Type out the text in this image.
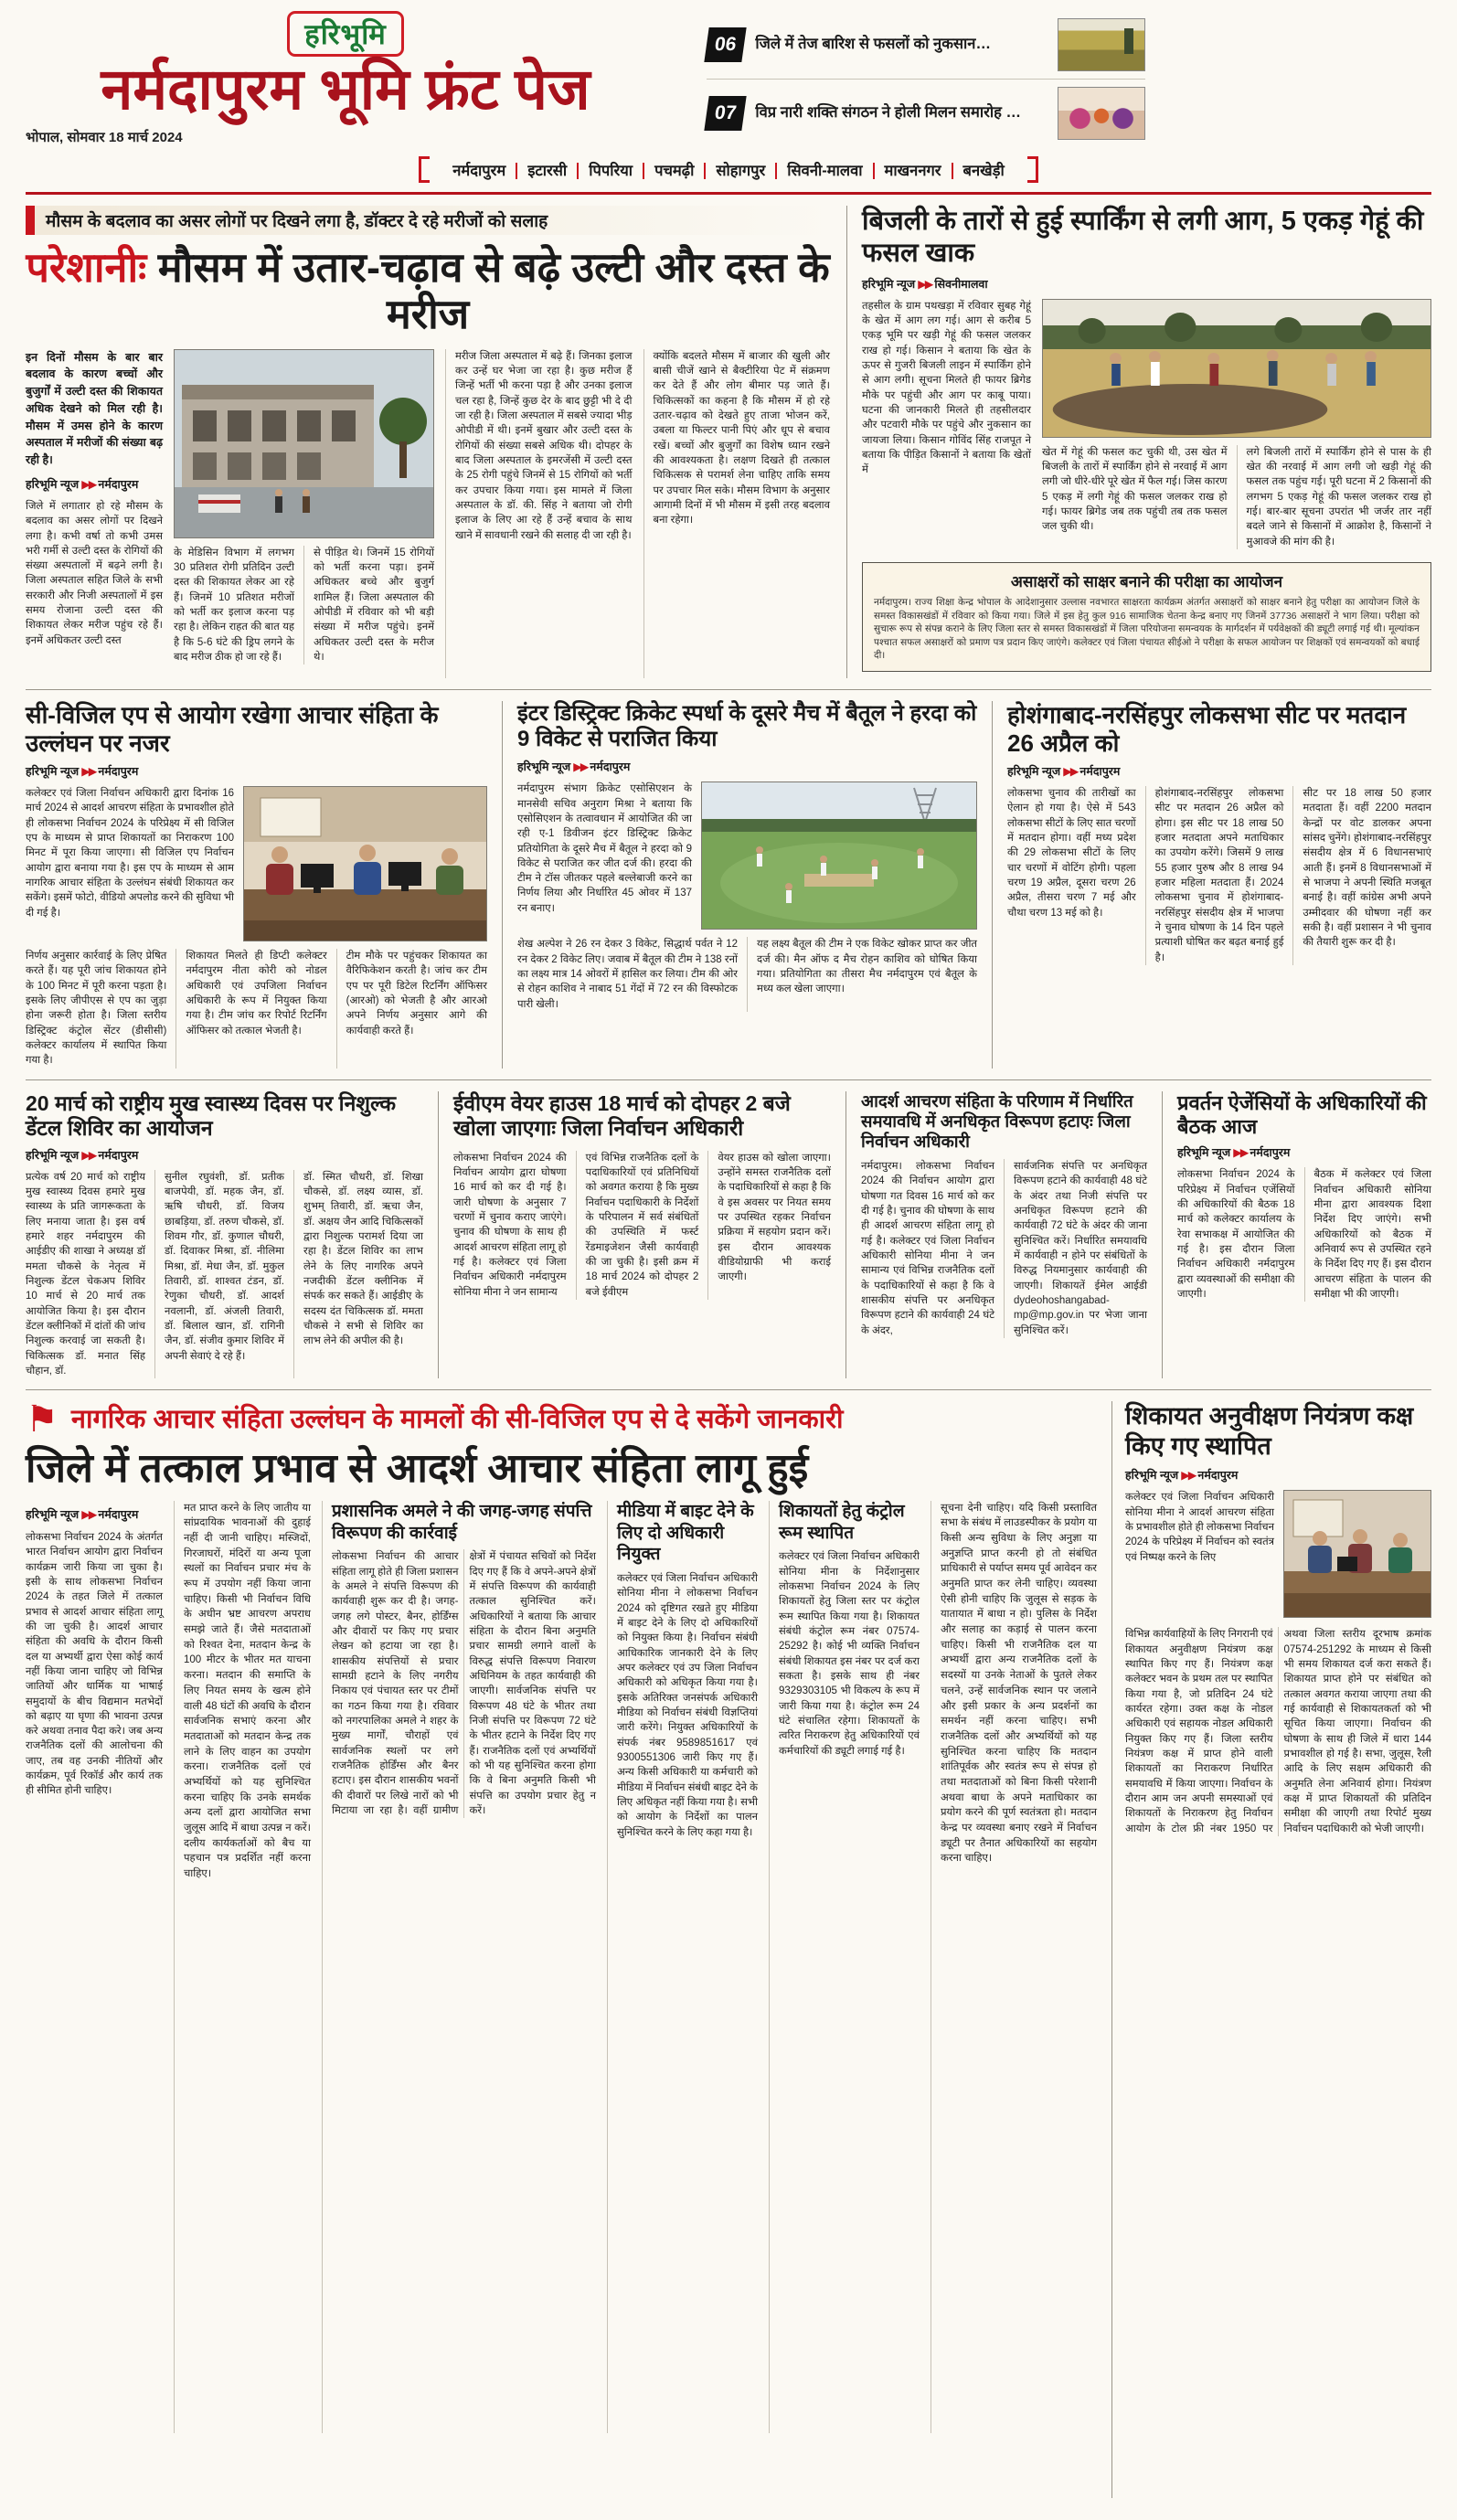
हरिभूमि
नर्मदापुरम भूमि फ्रंट पेज
भोपाल, सोमवार 18 मार्च 2024
06	जिले में तेज बारिश से फसलों को नुकसान…
07	विप्र नारी शक्ति संगठन ने होली मिलन समारोह …
नर्मदापुरम इटारसी पिपरिया पचमढ़ी सोहागपुर सिवनी-मालवा माखननगर बनखेड़ी
मौसम के बदलाव का असर लोगों पर दिखने लगा है, डॉक्टर दे रहे मरीजों को सलाह
परेशानीः मौसम में उतार-चढ़ाव से बढ़े उल्टी और दस्त के मरीज

इन दिनों मौसम के बार बार बदलाव के कारण बच्चों और बुजुर्गों में उल्टी दस्त की शिकायत अधिक देखने को मिल रही है। मौसम में उमस होने के कारण अस्पताल में मरीजों की संख्या बढ़ रही है।

हरिभूमि न्यूज ▶▶ नर्मदापुरम
जिले में लगातार हो रहे मौसम के बदलाव का असर लोगों पर दिखने लगा है। कभी वर्षा तो कभी उमस भरी गर्मी से उल्टी दस्त के रोगियों की संख्या अस्पतालों में बढ़ने लगी है। जिला अस्पताल सहित जिले के सभी सरकारी और निजी अस्पतालों में इस समय रोजाना उल्टी दस्त की शिकायत लेकर मरीज पहुंच रहे हैं। इनमें अधिकतर उल्टी दस्त
के मेडिसिन विभाग में लगभग 30 प्रतिशत रोगी प्रतिदिन उल्टी दस्त की शिकायत लेकर आ रहे हैं। जिनमें 10 प्रतिशत मरीजों को भर्ती कर इलाज करना पड़ रहा है। लेकिन राहत की बात यह है कि 5-6 घंटे की ड्रिप लगने के बाद मरीज ठीक हो जा रहे हैं।
से पीड़ित थे। जिनमें 15 रोगियों को भर्ती करना पड़ा। इनमें अधिकतर बच्चे और बुजुर्ग शामिल हैं। जिला अस्पताल की ओपीडी में रविवार को भी बड़ी संख्या में मरीज पहुंचे। इनमें अधिकतर उल्टी दस्त के मरीज थे।
मरीज जिला अस्पताल में बढ़े हैं। जिनका इलाज कर उन्हें घर भेजा जा रहा है। कुछ मरीज हैं जिन्हें भर्ती भी करना पड़ा है और उनका इलाज चल रहा है, जिन्हें कुछ देर के बाद छुट्टी भी दे दी जा रही है। जिला अस्पताल में सबसे ज्यादा भीड़ ओपीडी में थी। इनमें बुखार और उल्टी दस्त के रोगियों की संख्या सबसे अधिक थी। दोपहर के बाद जिला अस्पताल के इमरजेंसी में उल्टी दस्त के 25 रोगी पहुंचे जिनमें से 15 रोगियों को भर्ती कर उपचार किया गया। इस मामले में जिला अस्पताल के डॉ. की. सिंह ने बताया जो रोगी इलाज के लिए आ रहे हैं उन्हें बचाव के साथ खाने में सावधानी रखने की सलाह दी जा रही है।
क्योंकि बदलते मौसम में बाजार की खुली और बासी चीजें खाने से बैक्टीरिया पेट में संक्रमण कर देते हैं और लोग बीमार पड़ जाते हैं। चिकित्सकों का कहना है कि मौसम में हो रहे उतार-चढ़ाव को देखते हुए ताजा भोजन करें, उबला या फिल्टर पानी पिएं और धूप से बचाव रखें। बच्चों और बुजुर्गों का विशेष ध्यान रखने की आवश्यकता है। लक्षण दिखते ही तत्काल चिकित्सक से परामर्श लेना चाहिए ताकि समय पर उपचार मिल सके। मौसम विभाग के अनुसार आगामी दिनों में भी मौसम में इसी तरह बदलाव बना रहेगा।
बिजली के तारों से हुई स्पार्किंग से लगी आग, 5 एकड़ गेहूं की फसल खाक
हरिभूमि न्यूज ▶▶ सिवनीमालवा
तहसील के ग्राम पथखड़ा में रविवार सुबह गेहूं के खेत में आग लग गई। आग से करीब 5 एकड़ भूमि पर खड़ी गेहूं की फसल जलकर राख हो गई। किसान ने बताया कि खेत के ऊपर से गुजरी बिजली लाइन में स्पार्किंग होने से आग लगी। सूचना मिलते ही फायर ब्रिगेड मौके पर पहुंची और आग पर काबू पाया। घटना की जानकारी मिलते ही तहसीलदार और पटवारी मौके पर पहुंचे और नुकसान का जायजा लिया। किसान गोविंद सिंह राजपूत ने बताया कि पीड़ित किसानों ने बताया कि खेतों में
खेत में गेहूं की फसल कट चुकी थी, उस खेत में बिजली के तारों में स्पार्किंग होने से नरवाई में आग लगी जो धीरे-धीरे पूरे खेत में फैल गई। जिस कारण 5 एकड़ में लगी गेहूं की फसल जलकर राख हो गई। फायर ब्रिगेड जब तक पहुंची तब तक फसल जल चुकी थी।
लगे बिजली तारों में स्पार्किंग होने से पास के ही खेत की नरवाई में आग लगी जो खड़ी गेहूं की फसल तक पहुंच गई। पूरी घटना में 2 किसानों की लगभग 5 एकड़ गेहूं की फसल जलकर राख हो गई। बार-बार सूचना उपरांत भी जर्जर तार नहीं बदले जाने से किसानों में आक्रोश है, किसानों ने मुआवजे की मांग की है।
असाक्षरों को साक्षर बनाने की परीक्षा का आयोजन
नर्मदापुरम। राज्य शिक्षा केन्द्र भोपाल के आदेशानुसार उल्लास नवभारत साक्षरता कार्यक्रम अंतर्गत असाक्षरों को साक्षर बनाने हेतु परीक्षा का आयोजन जिले के समस्त विकासखंडों में रविवार को किया गया। जिले में इस हेतु कुल 916 सामाजिक चेतना केन्द्र बनाए गए जिनमें 37736 असाक्षरों ने भाग लिया। परीक्षा को सुचारू रूप से संपन्न कराने के लिए जिला स्तर से समस्त विकासखंडों में जिला परियोजना समन्वयक के मार्गदर्शन में पर्यवेक्षकों की ड्यूटी लगाई गई थी। मूल्यांकन पश्चात सफल असाक्षरों को प्रमाण पत्र प्रदान किए जाएंगे। कलेक्टर एवं जिला पंचायत सीईओ ने परीक्षा के सफल आयोजन पर शिक्षकों एवं समन्वयकों को बधाई दी।
सी-विजिल एप से आयोग रखेगा आचार संहिता के उल्लंघन पर नजर
हरिभूमि न्यूज ▶▶ नर्मदापुरम
कलेक्टर एवं जिला निर्वाचन अधिकारी द्वारा दिनांक 16 मार्च 2024 से आदर्श आचरण संहिता के प्रभावशील होते ही लोकसभा निर्वाचन 2024 के परिप्रेक्ष्य में सी विजिल एप के माध्यम से प्राप्त शिकायतों का निराकरण 100 मिनट में पूरा किया जाएगा। सी विजिल एप निर्वाचन आयोग द्वारा बनाया गया है। इस एप के माध्यम से आम नागरिक आचार संहिता के उल्लंघन संबंधी शिकायत कर सकेंगे। इसमें फोटो, वीडियो अपलोड करने की सुविधा भी दी गई है।
निर्णय अनुसार कार्रवाई के लिए प्रेषित करते हैं। यह पूरी जांच शिकायत होने के 100 मिनट में पूरी करना पड़ता है। इसके लिए जीपीएस से एप का जुड़ा होना जरूरी होता है। जिला स्तरीय डिस्ट्रिक्ट कंट्रोल सेंटर (डीसीसी) कलेक्टर कार्यालय में स्थापित किया गया है।
शिकायत मिलते ही डिप्टी कलेक्टर नर्मदापुरम नीता कोरी को नोडल अधिकारी एवं उपजिला निर्वाचन अधिकारी के रूप में नियुक्त किया गया है। टीम जांच कर रिपोर्ट रिटर्निंग ऑफिसर को तत्काल भेजती है।
टीम मौके पर पहुंचकर शिकायत का वैरिफिकेशन करती है। जांच कर टीम एप पर पूरी डिटेल रिटर्निंग ऑफिसर (आरओ) को भेजती है और आरओ अपने निर्णय अनुसार आगे की कार्यवाही करते हैं।
इंटर डिस्ट्रिक्ट क्रिकेट स्पर्धा के दूसरे मैच में बैतूल ने हरदा को 9 विकेट से पराजित किया
हरिभूमि न्यूज ▶▶ नर्मदापुरम
नर्मदापुरम संभाग क्रिकेट एसोसिएशन के मानसेवी सचिव अनुराग मिश्रा ने बताया कि एसोसिएशन के तत्वावधान में आयोजित की जा रही ए-1 डिवीजन इंटर डिस्ट्रिक्ट क्रिकेट प्रतियोगिता के दूसरे मैच में बैतूल ने हरदा को 9 विकेट से पराजित कर जीत दर्ज की। हरदा की टीम ने टॉस जीतकर पहले बल्लेबाजी करने का निर्णय लिया और निर्धारित 45 ओवर में 137 रन बनाए।
शेख अल्पेश ने 26 रन देकर 3 विकेट, सिद्धार्थ पर्वत ने 12 रन देकर 2 विकेट लिए। जवाब में बैतूल की टीम ने 138 रनों का लक्ष्य मात्र 14 ओवरों में हासिल कर लिया। टीम की ओर से रोहन काशिव ने नाबाद 51 गेंदों में 72 रन की विस्फोटक पारी खेली।
यह लक्ष्य बैतूल की टीम ने एक विकेट खोकर प्राप्त कर जीत दर्ज की। मैन ऑफ द मैच रोहन काशिव को घोषित किया गया। प्रतियोगिता का तीसरा मैच नर्मदापुरम एवं बैतूल के मध्य कल खेला जाएगा।
होशंगाबाद-नरसिंहपुर लोकसभा सीट पर मतदान 26 अप्रैल को
हरिभूमि न्यूज ▶▶ नर्मदापुरम
लोकसभा चुनाव की तारीखों का ऐलान हो गया है। ऐसे में 543 लोकसभा सीटों के लिए सात चरणों में मतदान होगा। वहीं मध्य प्रदेश की 29 लोकसभा सीटों के लिए चार चरणों में वोटिंग होगी। पहला चरण 19 अप्रैल, दूसरा चरण 26 अप्रैल, तीसरा चरण 7 मई और चौथा चरण 13 मई को है।
होशंगाबाद-नरसिंहपुर लोकसभा सीट पर मतदान 26 अप्रैल को होगा। इस सीट पर 18 लाख 50 हजार मतदाता अपने मताधिकार का उपयोग करेंगे। जिसमें 9 लाख 55 हजार पुरुष और 8 लाख 94 हजार महिला मतदाता हैं। 2024 लोकसभा चुनाव में होशंगाबाद-नरसिंहपुर संसदीय क्षेत्र में भाजपा ने चुनाव घोषणा के 14 दिन पहले प्रत्याशी घोषित कर बढ़त बनाई हुई है।
सीट पर 18 लाख 50 हजार मतदाता हैं। वहीं 2200 मतदान केन्द्रों पर वोट डालकर अपना सांसद चुनेंगे। होशंगाबाद-नरसिंहपुर संसदीय क्षेत्र में 6 विधानसभाएं आती हैं। इनमें 8 विधानसभाओं में से भाजपा ने अपनी स्थिति मजबूत बनाई है। वहीं कांग्रेस अभी अपने उम्मीदवार की घोषणा नहीं कर सकी है। वहीं प्रशासन ने भी चुनाव की तैयारी शुरू कर दी है।
20 मार्च को राष्ट्रीय मुख स्वास्थ्य दिवस पर निशुल्क डेंटल शिविर का आयोजन
हरिभूमि न्यूज ▶▶ नर्मदापुरम
प्रत्येक वर्ष 20 मार्च को राष्ट्रीय मुख स्वास्थ्य दिवस हमारे मुख स्वास्थ्य के प्रति जागरूकता के लिए मनाया जाता है। इस वर्ष हमारे शहर नर्मदापुरम की आईडीए की शाखा ने अध्यक्ष डॉ ममता चौकसे के नेतृत्व में निशुल्क डेंटल चेकअप शिविर 10 मार्च से 20 मार्च तक आयोजित किया है। इस दौरान डेंटल क्लीनिकों में दांतों की जांच निशुल्क करवाई जा सकती है। चिकित्सक डॉ. मनात सिंह चौहान, डॉ.
सुनील रघुवंशी, डॉ. प्रतीक बाजपेयी, डॉ. महक जैन, डॉ. ऋषि चौधरी, डॉ. विजय छाबड़िया, डॉ. तरुण चौकसे, डॉ. शिवम गौर, डॉ. कुणाल चौधरी, डॉ. दिवाकर मिश्रा, डॉ. नीलिमा मिश्रा, डॉ. मेधा जैन, डॉ. मुकुल तिवारी, डॉ. शाश्वत टंडन, डॉ. रेणुका चौधरी, डॉ. आदर्श नवलानी, डॉ. अंजली तिवारी, डॉ. बिलाल खान, डॉ. रागिनी जैन, डॉ. संजीव कुमार शिविर में अपनी सेवाएं दे रहे हैं।
डॉ. स्मित चौधरी, डॉ. शिखा चौकसे, डॉ. लक्ष्य व्यास, डॉ. शुभम् तिवारी, डॉ. ऋचा जैन, डॉ. अक्षय जैन आदि चिकित्सकों द्वारा निशुल्क परामर्श दिया जा रहा है। डेंटल शिविर का लाभ लेने के लिए नागरिक अपने नजदीकी डेंटल क्लीनिक में संपर्क कर सकते हैं। आईडीए के सदस्य दंत चिकित्सक डॉ. ममता चौकसे ने सभी से शिविर का लाभ लेने की अपील की है।
ईवीएम वेयर हाउस 18 मार्च को दोपहर 2 बजे खोला जाएगाः जिला निर्वाचन अधिकारी
लोकसभा निर्वाचन 2024 की निर्वाचन आयोग द्वारा घोषणा 16 मार्च को कर दी गई है। जारी घोषणा के अनुसार 7 चरणों में चुनाव कराए जाएंगे। चुनाव की घोषणा के साथ ही आदर्श आचरण संहिता लागू हो गई है। कलेक्टर एवं जिला निर्वाचन अधिकारी नर्मदापुरम सोनिया मीना ने जन सामान्य
एवं विभिन्न राजनैतिक दलों के पदाधिकारियों एवं प्रतिनिधियों को अवगत कराया है कि मुख्य निर्वाचन पदाधिकारी के निर्देशों के परिपालन में सर्व संबंधितों की उपस्थिति में फर्स्ट रेंडमाइजेशन जैसी कार्यवाही की जा चुकी है। इसी क्रम में 18 मार्च 2024 को दोपहर 2 बजे ईवीएम
वेयर हाउस को खोला जाएगा। उन्होंने समस्त राजनैतिक दलों के पदाधिकारियों से कहा है कि वे इस अवसर पर नियत समय पर उपस्थित रहकर निर्वाचन प्रक्रिया में सहयोग प्रदान करें। इस दौरान आवश्यक वीडियोग्राफी भी कराई जाएगी।
आदर्श आचरण संहिता के परिणाम में निर्धारित समयावधि में अनधिकृत विरूपण हटाएः जिला निर्वाचन अधिकारी
नर्मदापुरम। लोकसभा निर्वाचन 2024 की निर्वाचन आयोग द्वारा घोषणा गत दिवस 16 मार्च को कर दी गई है। चुनाव की घोषणा के साथ ही आदर्श आचरण संहिता लागू हो गई है। कलेक्टर एवं जिला निर्वाचन अधिकारी सोनिया मीना ने जन सामान्य एवं विभिन्न राजनैतिक दलों के पदाधिकारियों से कहा है कि वे शासकीय संपत्ति पर अनधिकृत विरूपण हटाने की कार्यवाही 24 घंटे के अंदर,
सार्वजनिक संपत्ति पर अनधिकृत विरूपण हटाने की कार्यवाही 48 घंटे के अंदर तथा निजी संपत्ति पर अनधिकृत विरूपण हटाने की कार्यवाही 72 घंटे के अंदर की जाना सुनिश्चित करें। निर्धारित समयावधि में कार्यवाही न होने पर संबंधितों के विरुद्ध नियमानुसार कार्यवाही की जाएगी। शिकायतें ईमेल आईडी dydeohoshangabad-mp@mp.gov.in पर भेजा जाना सुनिश्चित करें।
प्रवर्तन ऐजेंसियों के अधिकारियों की बैठक आज
हरिभूमि न्यूज ▶▶ नर्मदापुरम
लोकसभा निर्वाचन 2024 के परिप्रेक्ष्य में निर्वाचन एजेंसियों की अधिकारियों की बैठक 18 मार्च को कलेक्टर कार्यालय के रेवा सभाकक्ष में आयोजित की गई है। इस दौरान जिला निर्वाचन अधिकारी नर्मदापुरम द्वारा व्यवस्थाओं की समीक्षा की जाएगी।
बैठक में कलेक्टर एवं जिला निर्वाचन अधिकारी सोनिया मीना द्वारा आवश्यक दिशा निर्देश दिए जाएंगे। सभी अधिकारियों को बैठक में अनिवार्य रूप से उपस्थित रहने के निर्देश दिए गए हैं। इस दौरान आचरण संहिता के पालन की समीक्षा भी की जाएगी।
⚑ नागरिक आचार संहिता उल्लंघन के मामलों की सी-विजिल एप से दे सकेंगे जानकारी
जिले में तत्काल प्रभाव से आदर्श आचार संहिता लागू हुई
हरिभूमि न्यूज ▶▶ नर्मदापुरम
लोकसभा निर्वाचन 2024 के अंतर्गत भारत निर्वाचन आयोग द्वारा निर्वाचन कार्यक्रम जारी किया जा चुका है। इसी के साथ लोकसभा निर्वाचन 2024 के तहत जिले में तत्काल प्रभाव से आदर्श आचार संहिता लागू की जा चुकी है। आदर्श आचार संहिता की अवधि के दौरान किसी दल या अभ्यर्थी द्वारा ऐसा कोई कार्य नहीं किया जाना चाहिए जो विभिन्न जातियों और धार्मिक या भाषाई समुदायों के बीच विद्यमान मतभेदों को बढ़ाए या घृणा की भावना उत्पन्न करे अथवा तनाव पैदा करे। जब अन्य राजनैतिक दलों की आलोचना की जाए, तब वह उनकी नीतियों और कार्यक्रम, पूर्व रिकॉर्ड और कार्य तक ही सीमित होनी चाहिए।
मत प्राप्त करने के लिए जातीय या सांप्रदायिक भावनाओं की दुहाई नहीं दी जानी चाहिए। मस्जिदों, गिरजाघरों, मंदिरों या अन्य पूजा स्थलों का निर्वाचन प्रचार मंच के रूप में उपयोग नहीं किया जाना चाहिए। किसी भी निर्वाचन विधि के अधीन भ्रष्ट आचरण अपराध समझे जाते हैं। जैसे मतदाताओं को रिश्वत देना, मतदान केन्द्र के 100 मीटर के भीतर मत याचना करना। मतदान की समाप्ति के लिए नियत समय के खत्म होने वाली 48 घंटों की अवधि के दौरान सार्वजनिक सभाएं करना और मतदाताओं को मतदान केन्द्र तक लाने के लिए वाहन का उपयोग करना। राजनैतिक दलों एवं अभ्यर्थियों को यह सुनिश्चित करना चाहिए कि उनके समर्थक अन्य दलों द्वारा आयोजित सभा जुलूस आदि में बाधा उत्पन्न न करें। दलीय कार्यकर्ताओं को बैच या पहचान पत्र प्रदर्शित नहीं करना चाहिए।
प्रशासनिक अमले ने की जगह-जगह संपत्ति विरूपण की कार्रवाई
लोकसभा निर्वाचन की आचार संहिता लागू होते ही जिला प्रशासन के अमले ने संपत्ति विरूपण की कार्यवाही शुरू कर दी है। जगह-जगह लगे पोस्टर, बैनर, होर्डिंग्स और दीवारों पर किए गए प्रचार लेखन को हटाया जा रहा है। शासकीय संपत्तियों से प्रचार सामग्री हटाने के लिए नगरीय निकाय एवं पंचायत स्तर पर टीमों का गठन किया गया है। रविवार को नगरपालिका अमले ने शहर के मुख्य मार्गों, चौराहों एवं सार्वजनिक स्थलों पर लगे राजनैतिक होर्डिंग्स और बैनर हटाए। इस दौरान शासकीय भवनों की दीवारों पर लिखे नारों को भी मिटाया जा रहा है। वहीं ग्रामीण क्षेत्रों में पंचायत सचिवों को निर्देश दिए गए हैं कि वे अपने-अपने क्षेत्रों में संपत्ति विरूपण की कार्यवाही तत्काल सुनिश्चित करें। अधिकारियों ने बताया कि आचार संहिता के दौरान बिना अनुमति प्रचार सामग्री लगाने वालों के विरुद्ध संपत्ति विरूपण निवारण अधिनियम के तहत कार्यवाही की जाएगी। सार्वजनिक संपत्ति पर विरूपण 48 घंटे के भीतर तथा निजी संपत्ति पर विरूपण 72 घंटे के भीतर हटाने के निर्देश दिए गए हैं। राजनैतिक दलों एवं अभ्यर्थियों को भी यह सुनिश्चित करना होगा कि वे बिना अनुमति किसी भी संपत्ति का उपयोग प्रचार हेतु न करें।
मीडिया में बाइट देने के लिए दो अधिकारी नियुक्त
कलेक्टर एवं जिला निर्वाचन अधिकारी सोनिया मीना ने लोकसभा निर्वाचन 2024 को दृष्टिगत रखते हुए मीडिया में बाइट देने के लिए दो अधिकारियों को नियुक्त किया है। निर्वाचन संबंधी आधिकारिक जानकारी देने के लिए अपर कलेक्टर एवं उप जिला निर्वाचन अधिकारी को अधिकृत किया गया है। इसके अतिरिक्त जनसंपर्क अधिकारी मीडिया को निर्वाचन संबंधी विज्ञप्तियां जारी करेंगे। नियुक्त अधिकारियों के संपर्क नंबर 9589851617 एवं 9300551306 जारी किए गए हैं। अन्य किसी अधिकारी या कर्मचारी को मीडिया में निर्वाचन संबंधी बाइट देने के लिए अधिकृत नहीं किया गया है। सभी को आयोग के निर्देशों का पालन सुनिश्चित करने के लिए कहा गया है।
शिकायतों हेतु कंट्रोल रूम स्थापित
कलेक्टर एवं जिला निर्वाचन अधिकारी सोनिया मीना के निर्देशानुसार लोकसभा निर्वाचन 2024 के लिए शिकायतों हेतु जिला स्तर पर कंट्रोल रूम स्थापित किया गया है। शिकायत संबंधी कंट्रोल रूम नंबर 07574-25292 है। कोई भी व्यक्ति निर्वाचन संबंधी शिकायत इस नंबर पर दर्ज करा सकता है। इसके साथ ही नंबर 9329303105 भी विकल्प के रूप में जारी किया गया है। कंट्रोल रूम 24 घंटे संचालित रहेगा। शिकायतों के त्वरित निराकरण हेतु अधिकारियों एवं कर्मचारियों की ड्यूटी लगाई गई है।
सूचना देनी चाहिए। यदि किसी प्रस्तावित सभा के संबंध में लाउडस्पीकर के प्रयोग या किसी अन्य सुविधा के लिए अनुज्ञा या अनुज्ञप्ति प्राप्त करनी हो तो संबंधित प्राधिकारी से पर्याप्त समय पूर्व आवेदन कर अनुमति प्राप्त कर लेनी चाहिए। व्यवस्था ऐसी होनी चाहिए कि जुलूस से सड़क के यातायात में बाधा न हो। पुलिस के निर्देश और सलाह का कड़ाई से पालन करना चाहिए। किसी भी राजनैतिक दल या अभ्यर्थी द्वारा अन्य राजनैतिक दलों के सदस्यों या उनके नेताओं के पुतले लेकर चलने, उन्हें सार्वजनिक स्थान पर जलाने और इसी प्रकार के अन्य प्रदर्शनों का समर्थन नहीं करना चाहिए। सभी राजनैतिक दलों और अभ्यर्थियों को यह सुनिश्चित करना चाहिए कि मतदान शांतिपूर्वक और स्वतंत्र रूप से संपन्न हो तथा मतदाताओं को बिना किसी परेशानी अथवा बाधा के अपने मताधिकार का प्रयोग करने की पूर्ण स्वतंत्रता हो। मतदान केन्द्र पर व्यवस्था बनाए रखने में निर्वाचन ड्यूटी पर तैनात अधिकारियों का सहयोग करना चाहिए।
शिकायत अनुवीक्षण नियंत्रण कक्ष किए गए स्थापित
हरिभूमि न्यूज ▶▶ नर्मदापुरम
कलेक्टर एवं जिला निर्वाचन अधिकारी सोनिया मीना ने आदर्श आचरण संहिता के प्रभावशील होते ही लोकसभा निर्वाचन 2024 के परिप्रेक्ष्य में निर्वाचन को स्वतंत्र एवं निष्पक्ष करने के लिए
विभिन्न कार्यवाहियों के लिए निगरानी एवं शिकायत अनुवीक्षण नियंत्रण कक्ष स्थापित किए गए हैं। नियंत्रण कक्ष कलेक्टर भवन के प्रथम तल पर स्थापित किया गया है, जो प्रतिदिन 24 घंटे कार्यरत रहेगा। उक्त कक्ष के नोडल अधिकारी एवं सहायक नोडल अधिकारी नियुक्त किए गए हैं। जिला स्तरीय नियंत्रण कक्ष में प्राप्त होने वाली शिकायतों का निराकरण निर्धारित समयावधि में किया जाएगा। निर्वाचन के दौरान आम जन अपनी समस्याओं एवं शिकायतों के निराकरण हेतु निर्वाचन आयोग के टोल फ्री नंबर 1950 पर अथवा जिला स्तरीय दूरभाष क्रमांक 07574-251292 के माध्यम से किसी भी समय शिकायत दर्ज करा सकते हैं। शिकायत प्राप्त होने पर संबंधित को तत्काल अवगत कराया जाएगा तथा की गई कार्यवाही से शिकायतकर्ता को भी सूचित किया जाएगा। निर्वाचन की घोषणा के साथ ही जिले में धारा 144 प्रभावशील हो गई है। सभा, जुलूस, रैली आदि के लिए सक्षम अधिकारी की अनुमति लेना अनिवार्य होगा। नियंत्रण कक्ष में प्राप्त शिकायतों की प्रतिदिन समीक्षा की जाएगी तथा रिपोर्ट मुख्य निर्वाचन पदाधिकारी को भेजी जाएगी।
